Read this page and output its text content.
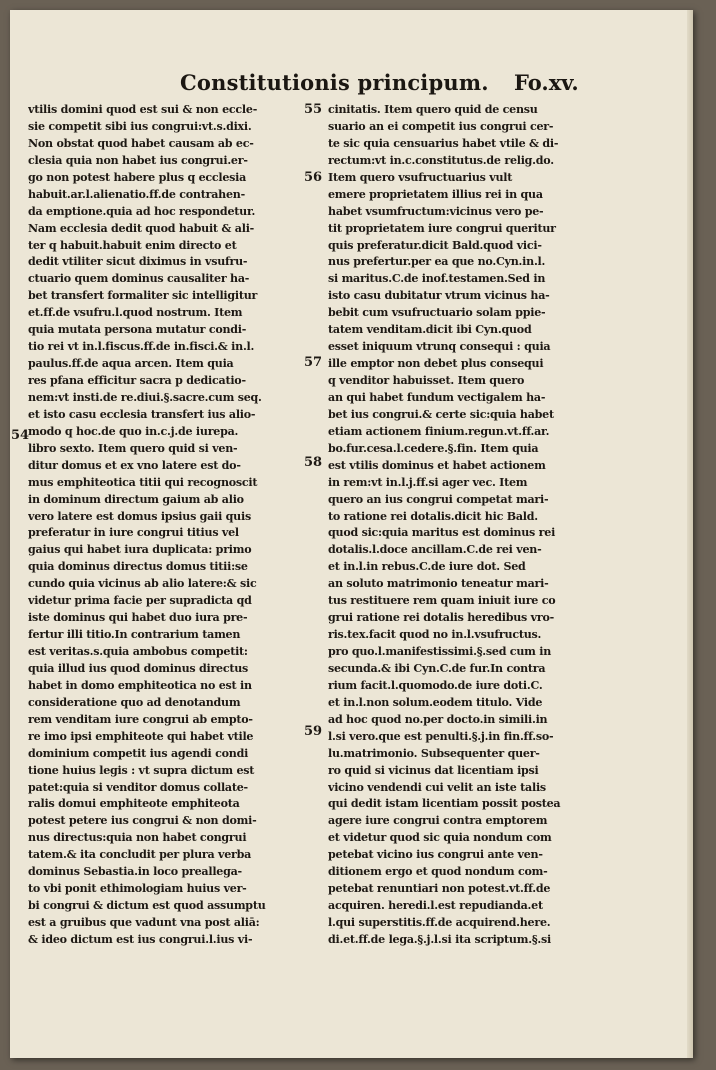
Constitutionis principum. Fo.xv.
vtilis domini quod est sui & non eccle-
sie competit sibi ius congrui:vt.s.dixi.
Non obstat quod habet causam ab ec-
clesia quia non habet ius congrui.er-
go non potest habere plus q ecclesia
habuit.ar.l.alienatio.ff.de contrahen-
da emptione.quia ad hoc respondetur.
Nam ecclesia dedit quod habuit & ali-
ter q habuit.habuit enim directo et
dedit vtiliter sicut diximus in vsufru-
ctuario quem dominus causaliter ha-
bet transfert formaliter sic intelligitur
et.ff.de vsufru.l.quod nostrum. Item
quia mutata persona mutatur condi-
tio rei vt in.l.fiscus.ff.de in.fisci.& in.l.
paulus.ff.de aqua arcen. Item quia
res pfana efficitur sacra p dedicatio-
nem:vt insti.de re.diui.§.sacre.cum seq.
et isto casu ecclesia transfert ius alio-
modo q hoc.de quo in.c.j.de iurepa.
libro sexto. Item quero quid si ven-
ditur domus et ex vno latere est do-
mus emphiteotica titii qui recognoscit
in dominum directum gaium ab alio
vero latere est domus ipsius gaii quis
preferatur in iure congrui titius vel
gaius qui habet iura duplicata: primo
quia dominus directus domus titii:se
cundo quia vicinus ab alio latere:& sic
videtur prima facie per supradicta qd
iste dominus qui habet duo iura pre-
fertur illi titio.In contrarium tamen
est veritas.s.quia ambobus competit:
quia illud ius quod dominus directus
habet in domo emphiteotica no est in
consideratione quo ad denotandum
rem venditam iure congrui ab empto-
re imo ipsi emphiteote qui habet vtile
dominium competit ius agendi condi
tione huius legis : vt supra dictum est
patet:quia si venditor domus collate-
ralis domui emphiteote emphiteota
potest petere ius congrui & non domi-
nus directus:quia non habet congrui
tatem.& ita concludit per plura verba
dominus Sebastia.in loco preallega-
to vbi ponit ethimologiam huius ver-
bi congrui & dictum est quod assumptu
est a gruibus que vadunt vna post aliā:
& ideo dictum est ius congrui.l.ius vi-
cinitatis. Item quero quid de censu
suario an ei competit ius congrui cer-
te sic quia censuarius habet vtile & di-
rectum:vt in.c.constitutus.de relig.do.
Item quero vsufructuarius vult
emere proprietatem illius rei in qua
habet vsumfructum:vicinus vero pe-
tit proprietatem iure congrui queritur
quis preferatur.dicit Bald.quod vici-
nus prefertur.per ea que no.Cyn.in.l.
si maritus.C.de inof.testamen.Sed in
isto casu dubitatur vtrum vicinus ha-
bebit cum vsufructuario solam ppie-
tatem venditam.dicit ibi Cyn.quod
esset iniquum vtrunq consequi : quia
ille emptor non debet plus consequi
q venditor habuisset. Item quero
an qui habet fundum vectigalem ha-
bet ius congrui.& certe sic:quia habet
etiam actionem finium.regun.vt.ff.ar.
bo.fur.cesa.l.cedere.§.fin. Item quia
est vtilis dominus et habet actionem
in rem:vt in.l.j.ff.si ager vec. Item
quero an ius congrui competat mari-
to ratione rei dotalis.dicit hic Bald.
quod sic:quia maritus est dominus rei
dotalis.l.doce ancillam.C.de rei ven-
et in.l.in rebus.C.de iure dot. Sed
an soluto matrimonio teneatur mari-
tus restituere rem quam iniuit iure co
grui ratione rei dotalis heredibus vro-
ris.tex.facit quod no in.l.vsufructus.
pro quo.l.manifestissimi.§.sed cum in
secunda.& ibi Cyn.C.de fur.In contra
rium facit.l.quomodo.de iure doti.C.
et in.l.non solum.eodem titulo. Vide
ad hoc quod no.per docto.in simili.in
l.si vero.que est penulti.§.j.in fin.ff.so-
lu.matrimonio. Subsequenter quer-
ro quid si vicinus dat licentiam ipsi
vicino vendendi cui velit an iste talis
qui dedit istam licentiam possit postea
agere iure congrui contra emptorem
et videtur quod sic quia nondum com
petebat vicino ius congrui ante ven-
ditionem ergo et quod nondum com-
petebat renuntiari non potest.vt.ff.de
acquiren. heredi.l.est repudianda.et
l.qui superstitis.ff.de acquirend.here.
di.et.ff.de lega.§.j.l.si ita scriptum.§.si
54
55
56
57
58
59
